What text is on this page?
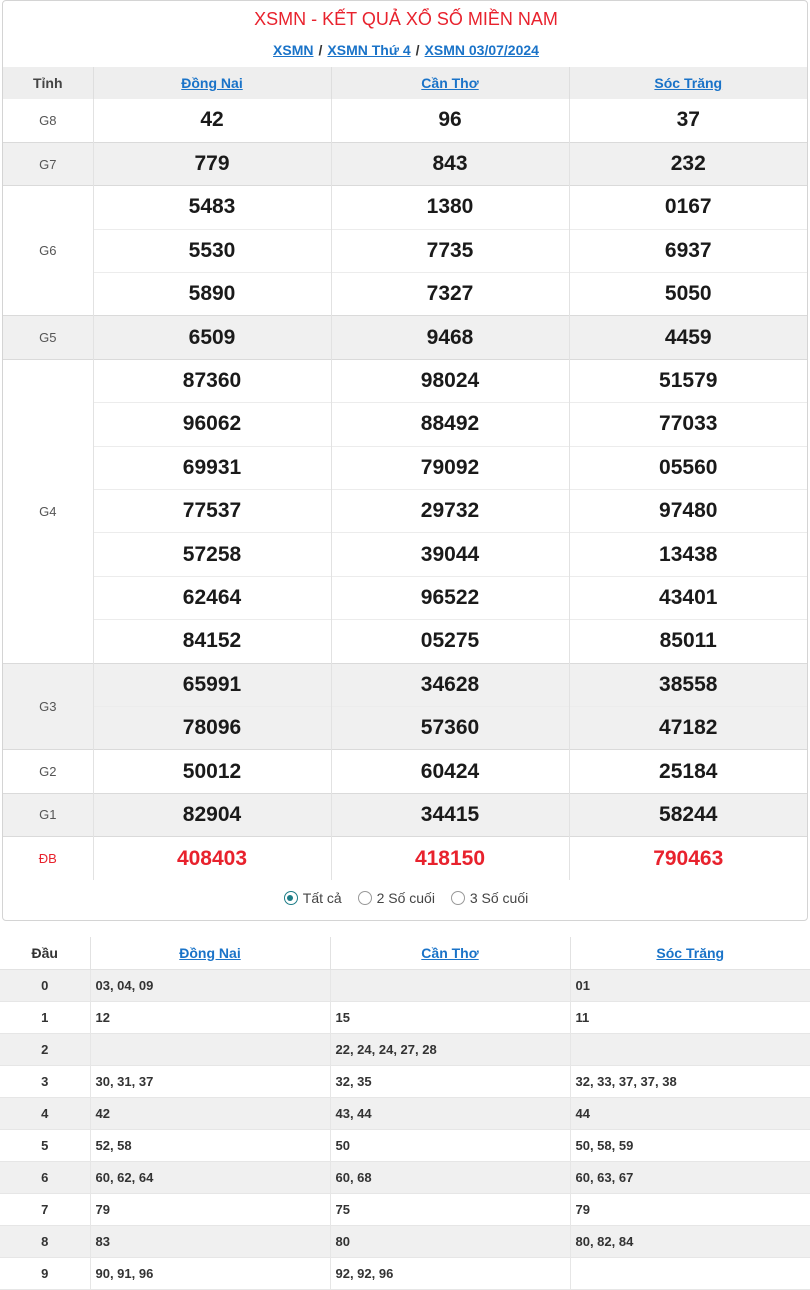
XSMN - KẾT QUẢ XỔ SỐ MIỀN NAM
XSMN / XSMN Thứ 4 / XSMN 03/07/2024
Tỉnh	Đồng Nai	Cần Thơ	Sóc Trăng
G8	42	96	37
G7	779	843	232
G6	5483	1380	0167
	5530	7735	6937
	5890	7327	5050
G5	6509	9468	4459
G4	87360	98024	51579
	96062	88492	77033
	69931	79092	05560
	77537	29732	97480
	57258	39044	13438
	62464	96522	43401
	84152	05275	85011
G3	65991	34628	38558
	78096	57360	47182
G2	50012	60424	25184
G1	82904	34415	58244
ĐB	408403	418150	790463
Tất cả 2 Số cuối 3 Số cuối
Đầu	Đồng Nai	Cần Thơ	Sóc Trăng
0	03, 04, 09		01
1	12	15	11
2		22, 24, 24, 27, 28	
3	30, 31, 37	32, 35	32, 33, 37, 37, 38
4	42	43, 44	44
5	52, 58	50	50, 58, 59
6	60, 62, 64	60, 68	60, 63, 67
7	79	75	79
8	83	80	80, 82, 84
9	90, 91, 96	92, 92, 96	
